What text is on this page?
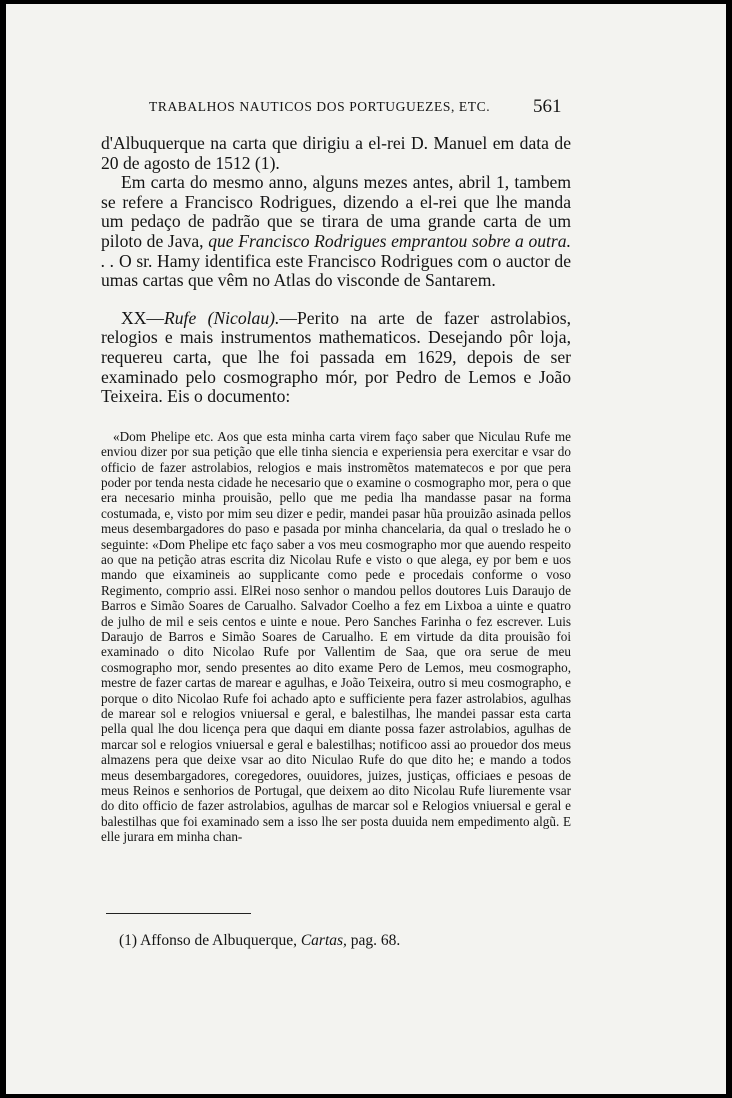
TRABALHOS NAUTICOS DOS PORTUGUEZES, ETC. 561

d'Albuquerque na carta que dirigiu a el-rei D. Manuel em data de 20 de agosto de 1512 (1).

Em carta do mesmo anno, alguns mezes antes, abril 1, tambem se refere a Francisco Rodrigues, dizendo a el-rei que lhe manda um pedaço de padrão que se tirara de uma grande carta de um piloto de Java, que Francisco Rodrigues emprantou sobre a outra. . . O sr. Hamy identifica este Francisco Rodrigues com o auctor de umas cartas que vêm no Atlas do visconde de Santarem.

XX—Rufe (Nicolau).—Perito na arte de fazer astrolabios, relogios e mais instrumentos mathematicos. Desejando pôr loja, requereu carta, que lhe foi passada em 1629, depois de ser examinado pelo cosmographo mór, por Pedro de Lemos e João Teixeira. Eis o documento:

«Dom Phelipe etc. Aos que esta minha carta virem faço saber que Niculau Rufe me enviou dizer por sua petição que elle tinha siencia e experiensia pera exercitar e vsar do officio de fazer astrolabios, relogios e mais instromẽtos matematecos e por que pera poder por tenda nesta cidade he necesario que o examine o cosmographo mor, pera o que era necesario minha prouisão, pello que me pedia lha mandasse pasar na forma costumada, e, visto por mim seu dizer e pedir, mandei pasar hũa prouizão asinada pellos meus desembargadores do paso e pasada por minha chancelaria, da qual o treslado he o seguinte: «Dom Phelipe etc faço saber a vos meu cosmographo mor que auendo respeito ao que na petição atras escrita diz Nicolau Rufe e visto o que alega, ey por bem e uos mando que eixamineis ao supplicante como pede e procedais conforme o voso Regimento, comprio assi. ElRei noso senhor o mandou pellos doutores Luis Daraujo de Barros e Simão Soares de Carualho. Salvador Coelho a fez em Lixboa a uinte e quatro de julho de mil e seis centos e uinte e noue. Pero Sanches Farinha o fez escrever. Luis Daraujo de Barros e Simão Soares de Carualho. E em virtude da dita prouisão foi examinado o dito Nicolao Rufe por Vallentim de Saa, que ora serue de meu cosmographo mor, sendo presentes ao dito exame Pero de Lemos, meu cosmographo, mestre de fazer cartas de marear e agulhas, e João Teixeira, outro si meu cosmographo, e porque o dito Nicolao Rufe foi achado apto e sufficiente pera fazer astrolabios, agulhas de marear sol e relogios vniuersal e geral, e balestilhas, lhe mandei passar esta carta pella qual lhe dou licença pera que daqui em diante possa fazer astrolabios, agulhas de marcar sol e relogios vniuersal e geral e balestilhas; notificoo assi ao prouedor dos meus almazens pera que deixe vsar ao dito Niculao Rufe do que dito he; e mando a todos meus desembargadores, coregedores, ouuidores, juizes, justiças, officiaes e pesoas de meus Reinos e senhorios de Portugal, que deixem ao dito Nicolau Rufe liuremente vsar do dito officio de fazer astrolabios, agulhas de marcar sol e Relogios vniuersal e geral e balestilhas que foi examinado sem a isso lhe ser posta duuida nem empedimento algũ. E elle jurara em minha chan-

(1) Affonso de Albuquerque, Cartas, pag. 68.
